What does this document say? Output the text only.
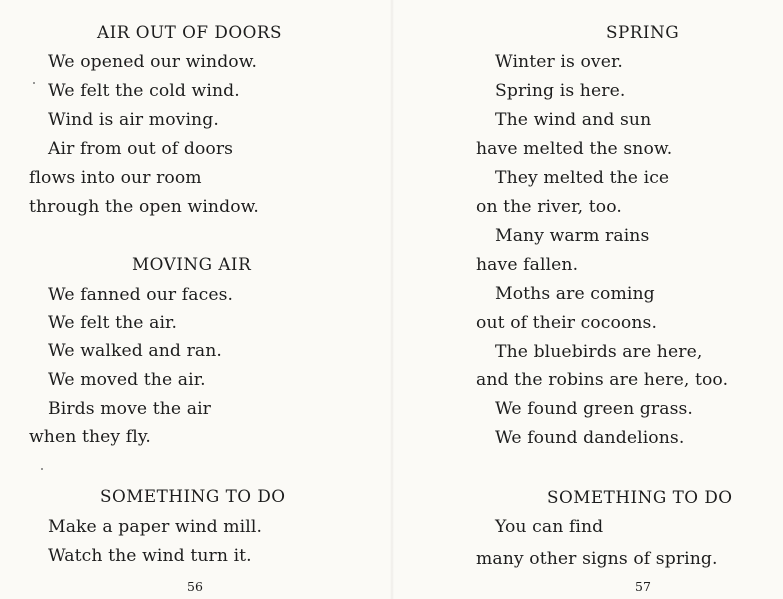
AIR OUT OF DOORS
We opened our window.
We felt the cold wind.
Wind is air moving.
Air from out of doors
flows into our room
through the open window.
MOVING AIR
We fanned our faces.
We felt the air.
We walked and ran.
We moved the air.
Birds move the air
when they fly.
SOMETHING TO DO
Make a paper wind mill.
Watch the wind turn it.
56
SPRING
Winter is over.
Spring is here.
The wind and sun
have melted the snow.
They melted the ice
on the river, too.
Many warm rains
have fallen.
Moths are coming
out of their cocoons.
The bluebirds are here,
and the robins are here, too.
We found green grass.
We found dandelions.
SOMETHING TO DO
You can find
many other signs of spring.
57
